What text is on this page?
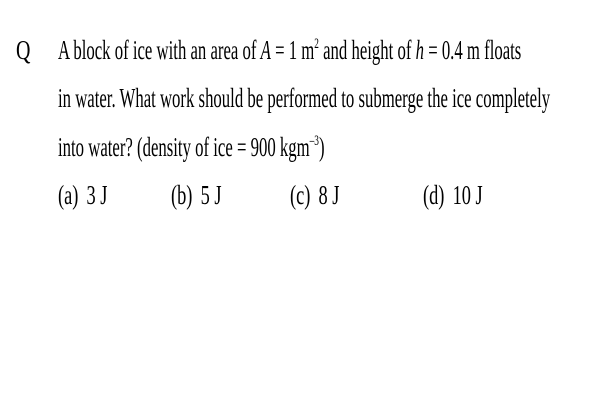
Q A block of ice with an area of A = 1 $m^2$ and height of h = 0.4 m floats
in water. What work should be performed to submerge the ice completely
into water? (density of ice = 900 kgm$^{-3}$)
(a) 3 J (b) 5 J	(c) 8 J	(d) 10 J
